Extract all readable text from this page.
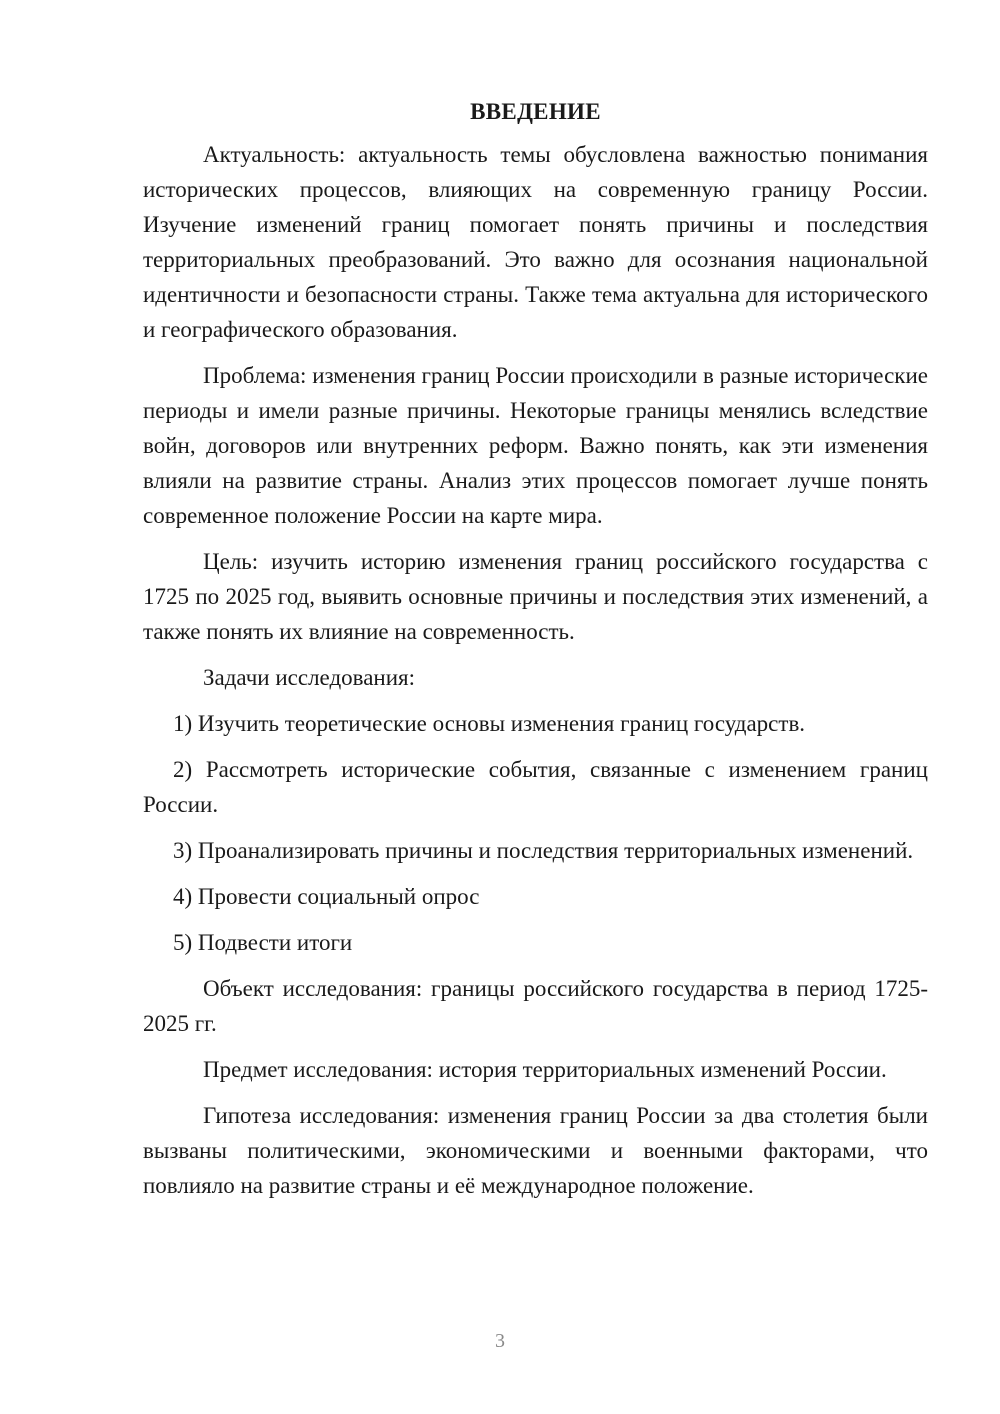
ВВЕДЕНИЕ

Актуальность: актуальность темы обусловлена важностью понимания исторических процессов, влияющих на современную границу России. Изучение изменений границ помогает понять причины и последствия территориальных преобразований. Это важно для осознания национальной идентичности и безопасности страны. Также тема актуальна для исторического и географического образования.

Проблема: изменения границ России происходили в разные исторические периоды и имели разные причины. Некоторые границы менялись вследствие войн, договоров или внутренних реформ. Важно понять, как эти изменения влияли на развитие страны. Анализ этих процессов помогает лучше понять современное положение России на карте мира.

Цель: изучить историю изменения границ российского государства с 1725 по 2025 год, выявить основные причины и последствия этих изменений, а также понять их влияние на современность.

Задачи исследования:

1) Изучить теоретические основы изменения границ государств.

2) Рассмотреть исторические события, связанные с изменением границ России.

3) Проанализировать причины и последствия территориальных изменений.

4) Провести социальный опрос

5) Подвести итоги

Объект исследования: границы российского государства в период 1725-2025 гг.

Предмет исследования: история территориальных изменений России.

Гипотеза исследования: изменения границ России за два столетия были вызваны политическими, экономическими и военными факторами, что повлияло на развитие страны и её международное положение.

3
